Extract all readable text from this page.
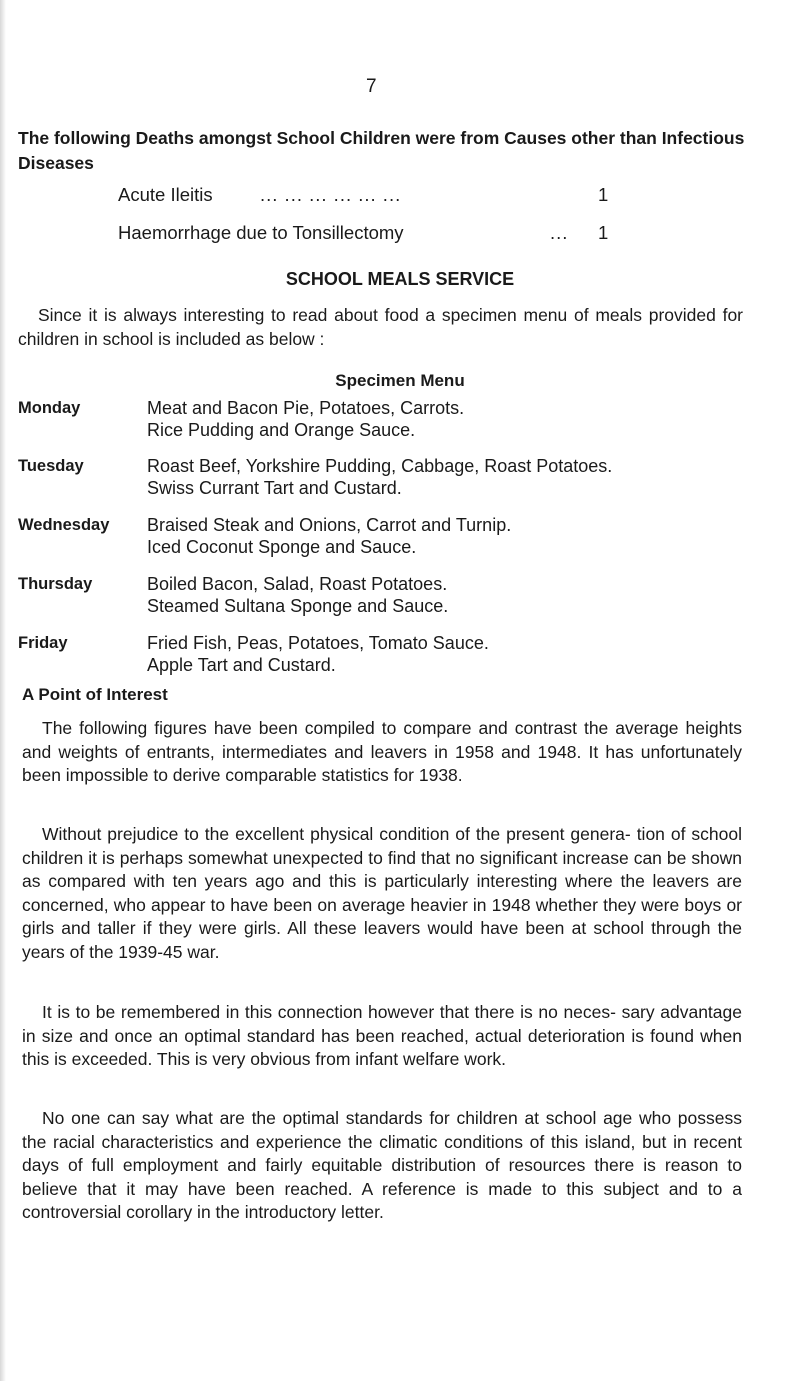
7
The following Deaths amongst School Children were from Causes other than Infectious Diseases
Acute Ileitis	... ... ... ... ... ...	1
Haemorrhage due to Tonsillectomy	... 1
SCHOOL MEALS SERVICE
Since it is always interesting to read about food a specimen menu of meals provided for children in school is included as below :
Specimen Menu
Monday	Meat and Bacon Pie, Potatoes, Carrots.
Rice Pudding and Orange Sauce.
Tuesday	Roast Beef, Yorkshire Pudding, Cabbage, Roast Potatoes.
Swiss Currant Tart and Custard.
Wednesday Braised Steak and Onions, Carrot and Turnip.
Iced Coconut Sponge and Sauce.
Thursday	Boiled Bacon, Salad, Roast Potatoes.
Steamed Sultana Sponge and Sauce.
Friday	Fried Fish, Peas, Potatoes, Tomato Sauce.
Apple Tart and Custard.
A Point of Interest
The following figures have been compiled to compare and contrast the average heights and weights of entrants, intermediates and leavers in 1958 and 1948. It has unfortunately been impossible to derive comparable statistics for 1938.
Without prejudice to the excellent physical condition of the present genera- tion of school children it is perhaps somewhat unexpected to find that no significant increase can be shown as compared with ten years ago and this is particularly interesting where the leavers are concerned, who appear to have been on average heavier in 1948 whether they were boys or girls and taller if they were girls. All these leavers would have been at school through the years of the 1939-45 war.
It is to be remembered in this connection however that there is no neces- sary advantage in size and once an optimal standard has been reached, actual deterioration is found when this is exceeded. This is very obvious from infant welfare work.
No one can say what are the optimal standards for children at school age who possess the racial characteristics and experience the climatic conditions of this island, but in recent days of full employment and fairly equitable distribution of resources there is reason to believe that it may have been reached. A reference is made to this subject and to a controversial corollary in the introductory letter.
